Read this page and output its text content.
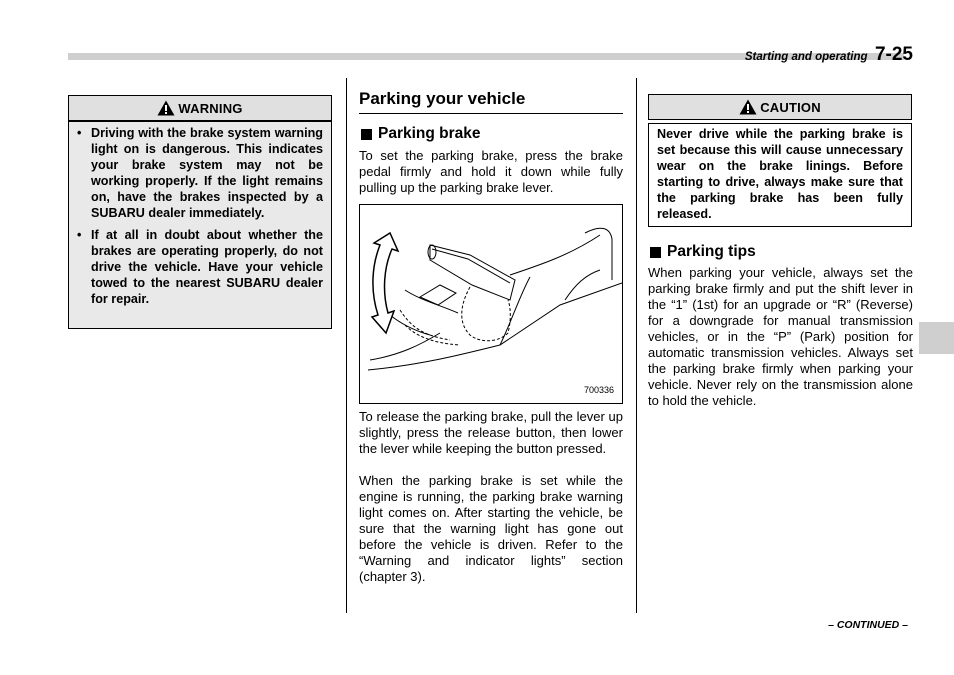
Starting and operating 7-25
WARNING
• Driving with the brake system warning light on is dangerous. This indicates your brake system may not be working properly. If the light remains on, have the brakes inspected by a SUBARU dealer immediately.
• If at all in doubt about whether the brakes are operating properly, do not drive the vehicle. Have your vehicle towed to the nearest SUBARU dealer for repair.
Parking your vehicle
Parking brake

To set the parking brake, press the brake pedal firmly and hold it down while fully pulling up the parking brake lever.

700336

To release the parking brake, pull the lever up slightly, press the release button, then lower the lever while keeping the button pressed.

When the parking brake is set while the engine is running, the parking brake warning light comes on. After starting the vehicle, be sure that the warning light has gone out before the vehicle is driven. Refer to the “Warning and indicator lights” section (chapter 3).

CAUTION
Never drive while the parking brake is set because this will cause unnecessary wear on the brake linings. Before starting to drive, always make sure that the parking brake has been fully released.
Parking tips

When parking your vehicle, always set the parking brake firmly and put the shift lever in the “1” (1st) for an upgrade or “R” (Reverse) for a downgrade for manual transmission vehicles, or in the “P” (Park) position for automatic transmission vehicles. Always set the parking brake firmly when parking your vehicle. Never rely on the transmission alone to hold the vehicle.

– CONTINUED –
